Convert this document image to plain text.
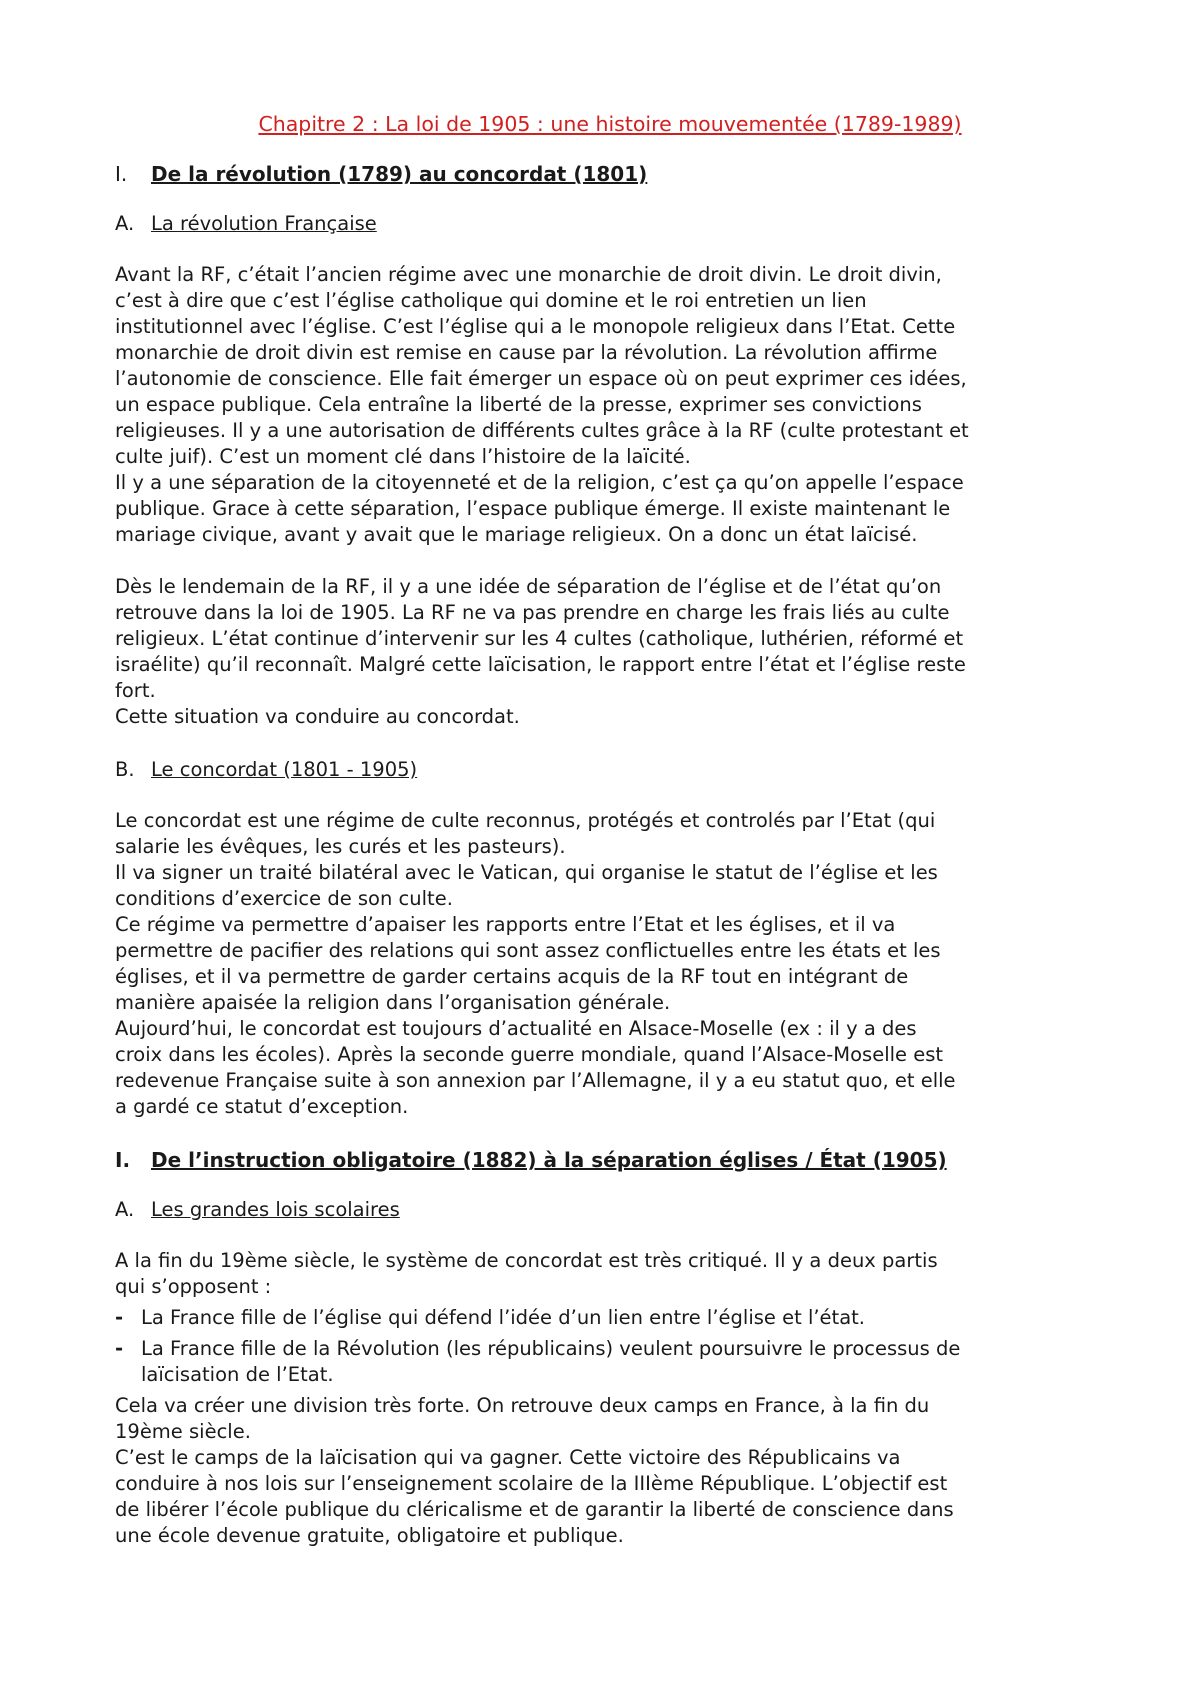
Chapitre 2 : La loi de 1905 : une histoire mouvementée (1789-1989)
I. De la révolution (1789) au concordat (1801)
A. La révolution Française
Avant la RF, c’était l’ancien régime avec une monarchie de droit divin. Le droit divin,
c’est à dire que c’est l’église catholique qui domine et le roi entretien un lien
institutionnel avec l’église. C’est l’église qui a le monopole religieux dans l’Etat. Cette
monarchie de droit divin est remise en cause par la révolution. La révolution affirme
l’autonomie de conscience. Elle fait émerger un espace où on peut exprimer ces idées,
un espace publique. Cela entraîne la liberté de la presse, exprimer ses convictions
religieuses. Il y a une autorisation de différents cultes grâce à la RF (culte protestant et
culte juif). C’est un moment clé dans l’histoire de la laïcité.
Il y a une séparation de la citoyenneté et de la religion, c’est ça qu’on appelle l’espace
publique. Grace à cette séparation, l’espace publique émerge. Il existe maintenant le
mariage civique, avant y avait que le mariage religieux. On a donc un état laïcisé.
Dès le lendemain de la RF, il y a une idée de séparation de l’église et de l’état qu’on
retrouve dans la loi de 1905. La RF ne va pas prendre en charge les frais liés au culte
religieux. L’état continue d’intervenir sur les 4 cultes (catholique, luthérien, réformé et
israélite) qu’il reconnaît. Malgré cette laïcisation, le rapport entre l’état et l’église reste
fort.
Cette situation va conduire au concordat.
B. Le concordat (1801 - 1905)
Le concordat est une régime de culte reconnus, protégés et controlés par l’Etat (qui
salarie les évêques, les curés et les pasteurs).
Il va signer un traité bilatéral avec le Vatican, qui organise le statut de l’église et les
conditions d’exercice de son culte.
Ce régime va permettre d’apaiser les rapports entre l’Etat et les églises, et il va
permettre de pacifier des relations qui sont assez conflictuelles entre les états et les
églises, et il va permettre de garder certains acquis de la RF tout en intégrant de
manière apaisée la religion dans l’organisation générale.
Aujourd’hui, le concordat est toujours d’actualité en Alsace-Moselle (ex : il y a des
croix dans les écoles). Après la seconde guerre mondiale, quand l’Alsace-Moselle est
redevenue Française suite à son annexion par l’Allemagne, il y a eu statut quo, et elle
a gardé ce statut d’exception.
I. De l’instruction obligatoire (1882) à la séparation églises / État (1905)
A. Les grandes lois scolaires
A la fin du 19ème siècle, le système de concordat est très critiqué. Il y a deux partis
qui s’opposent :
- La France fille de l’église qui défend l’idée d’un lien entre l’église et l’état.
- La France fille de la Révolution (les républicains) veulent poursuivre le processus de
laïcisation de l’Etat.
Cela va créer une division très forte. On retrouve deux camps en France, à la fin du
19ème siècle.
C’est le camps de la laïcisation qui va gagner. Cette victoire des Républicains va
conduire à nos lois sur l’enseignement scolaire de la IIIème République. L’objectif est
de libérer l’école publique du cléricalisme et de garantir la liberté de conscience dans
une école devenue gratuite, obligatoire et publique.
